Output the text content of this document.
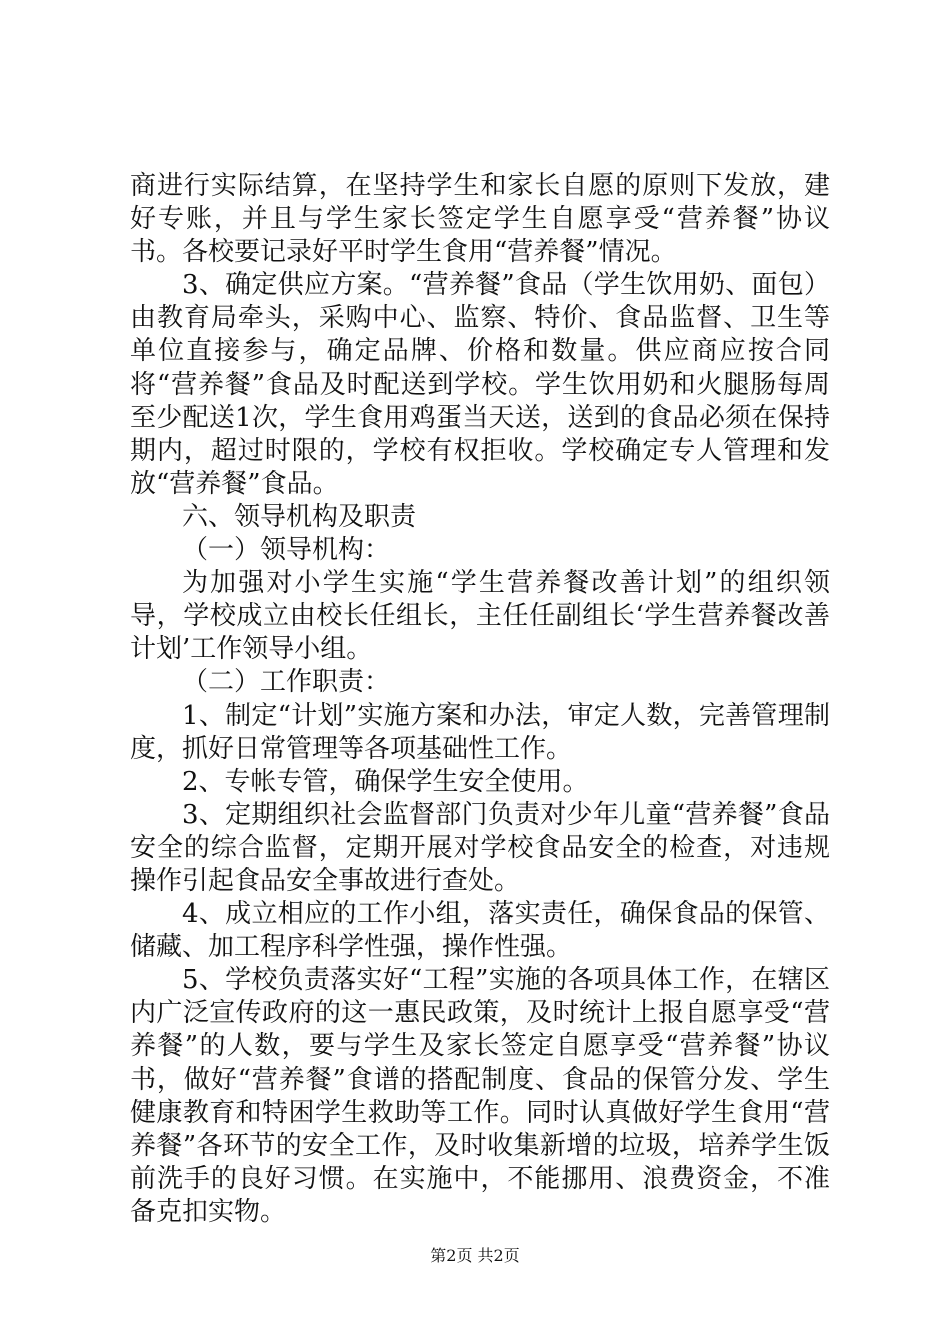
商进行实际结算，在坚持学生和家长自愿的原则下发放，建好专账，并且与学生家长签定学生自愿享受“营养餐”协议书。各校要记录好平时学生食用“营养餐”情况。

3、确定供应方案。“营养餐”食品（学生饮用奶、面包）由教育局牵头，采购中心、监察、特价、食品监督、卫生等单位直接参与，确定品牌、价格和数量。供应商应按合同将“营养餐”食品及时配送到学校。学生饮用奶和火腿肠每周至少配送1次，学生食用鸡蛋当天送，送到的食品必须在保持期内，超过时限的，学校有权拒收。学校确定专人管理和发放“营养餐”食品。

六、领导机构及职责

（一）领导机构：

为加强对小学生实施“学生营养餐改善计划”的组织领导，学校成立由校长任组长，主任任副组长‘学生营养餐改善计划’工作领导小组。

（二）工作职责：

1、制定“计划”实施方案和办法，审定人数，完善管理制度，抓好日常管理等各项基础性工作。

2、专帐专管，确保学生安全使用。

3、定期组织社会监督部门负责对少年儿童“营养餐”食品安全的综合监督，定期开展对学校食品安全的检查，对违规操作引起食品安全事故进行查处。

4、成立相应的工作小组，落实责任，确保食品的保管、储藏、加工程序科学性强，操作性强。

5、学校负责落实好“工程”实施的各项具体工作，在辖区内广泛宣传政府的这一惠民政策，及时统计上报自愿享受“营养餐”的人数，要与学生及家长签定自愿享受“营养餐”协议书，做好“营养餐”食谱的搭配制度、食品的保管分发、学生健康教育和特困学生救助等工作。同时认真做好学生食用“营养餐”各环节的安全工作，及时收集新增的垃圾，培养学生饭前洗手的良好习惯。在实施中，不能挪用、浪费资金，不准备克扣实物。

第2页 共2页
